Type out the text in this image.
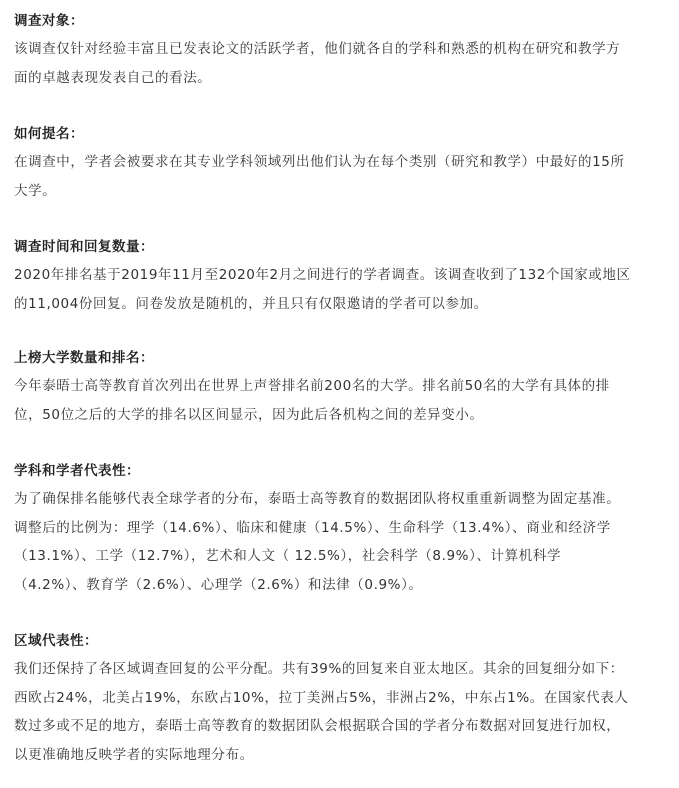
调查对象：
该调查仅针对经验丰富且已发表论文的活跃学者，他们就各自的学科和熟悉的机构在研究和教学方
面的卓越表现发表自己的看法。
如何提名：
在调查中，学者会被要求在其专业学科领域列出他们认为在每个类别（研究和教学）中最好的15所
大学。
调查时间和回复数量：
2020年排名基于2019年11月至2020年2月之间进行的学者调查。该调查收到了132个国家或地区
的11,004份回复。问卷发放是随机的，并且只有仅限邀请的学者可以参加。
上榜大学数量和排名：
今年泰晤士高等教育首次列出在世界上声誉排名前200名的大学。排名前50名的大学有具体的排
位，50位之后的大学的排名以区间显示，因为此后各机构之间的差异变小。
学科和学者代表性：
为了确保排名能够代表全球学者的分布，泰晤士高等教育的数据团队将权重重新调整为固定基准。
调整后的比例为：理学（14.6%）、临床和健康（14.5%）、生命科学（13.4%）、商业和经济学
（13.1%）、工学（12.7%），艺术和人文（ 12.5%），社会科学（8.9%）、计算机科学
（4.2%）、教育学（2.6%）、心理学（2.6%）和法律（0.9%）。
区域代表性：
我们还保持了各区域调查回复的公平分配。共有39%的回复来自亚太地区。其余的回复细分如下：
西欧占24%，北美占19%，东欧占10%，拉丁美洲占5%，非洲占2%，中东占1%。在国家代表人
数过多或不足的地方，泰晤士高等教育的数据团队会根据联合国的学者分布数据对回复进行加权，
以更准确地反映学者的实际地理分布。
